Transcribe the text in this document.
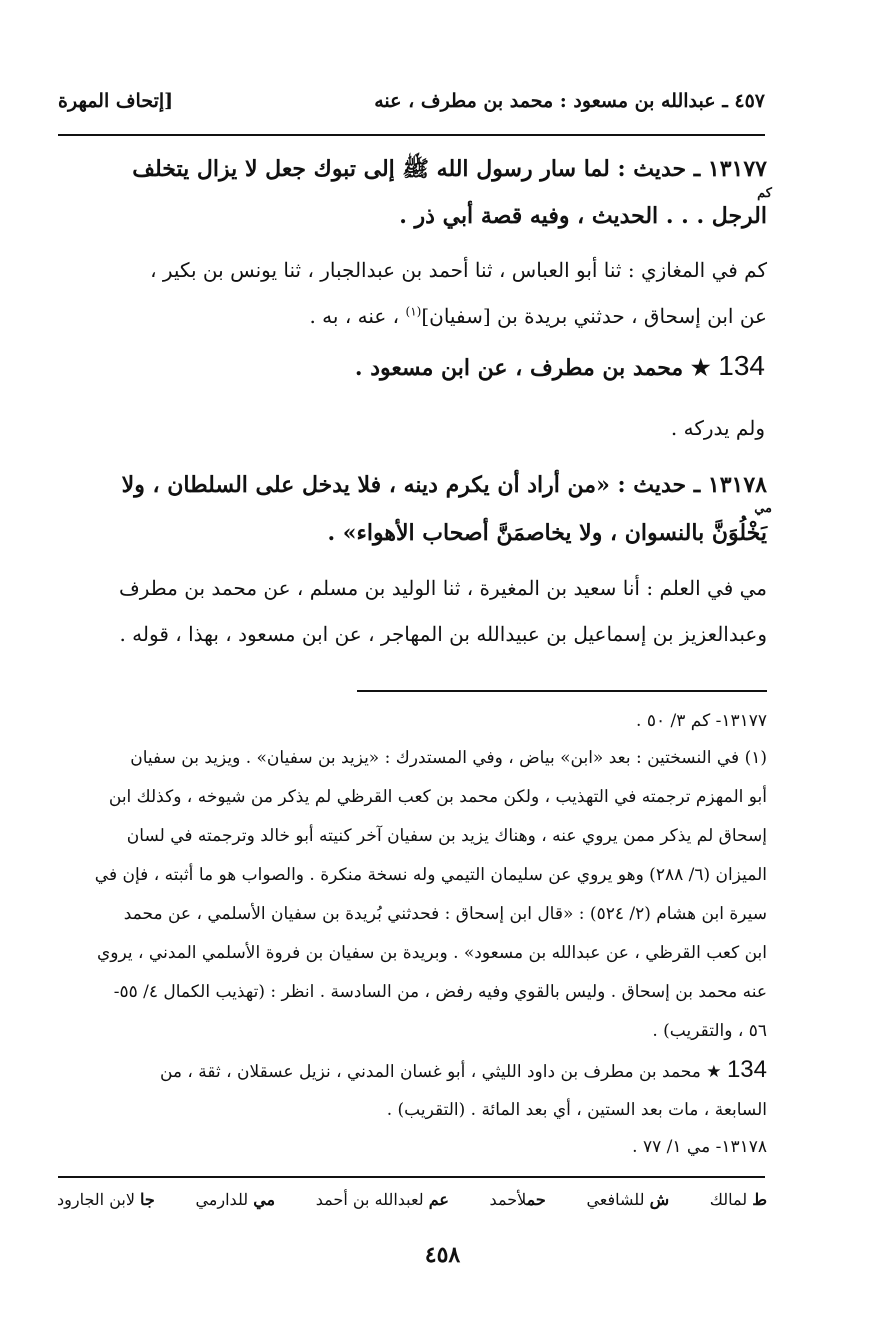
٤٥٧ ـ عبدالله بن مسعود : محمد بن مطرف ، عنه
[إتحاف المهرة
١٣١٧٧ ـ حديث : لما سار رسول الله ﷺ إلى تبوك جعل لا يزال يتخلف
كم
الرجل . . . الحديث ، وفيه قصة أبي ذر .
كم في المغازي : ثنا أبو العباس ، ثنا أحمد بن عبدالجبار ، ثنا يونس بن بكير ،
عن ابن إسحاق ، حدثني بريدة بن [سفيان]$^{(١)}$ ، عنه ، به .
134 ★ محمد بن مطرف ، عن ابن مسعود .
ولم يدركه .
١٣١٧٨ ـ حديث : «من أراد أن يكرم دينه ، فلا يدخل على السلطان ، ولا
مي
يَخْلُوَنَّ بالنسوان ، ولا يخاصمَنَّ أصحاب الأهواء» .
مي في العلم : أنا سعيد بن المغيرة ، ثنا الوليد بن مسلم ، عن محمد بن مطرف
وعبدالعزيز بن إسماعيل بن عبيدالله بن المهاجر ، عن ابن مسعود ، بهذا ، قوله .
١٣١٧٧- كم ٣/ ٥٠ .
(١) في النسختين : بعد «ابن» بياض ، وفي المستدرك : «يزيد بن سفيان» . ويزيد بن سفيان
أبو المهزم ترجمته في التهذيب ، ولكن محمد بن كعب القرظي لم يذكر من شيوخه ، وكذلك ابن
إسحاق لم يذكر ممن يروي عنه ، وهناك يزيد بن سفيان آخر كنيته أبو خالد وترجمته في لسان
الميزان (٦/ ٢٨٨) وهو يروي عن سليمان التيمي وله نسخة منكرة . والصواب هو ما أثبته ، فإن في
سيرة ابن هشام (٢/ ٥٢٤) : «قال ابن إسحاق : فحدثني بُريدة بن سفيان الأسلمي ، عن محمد
ابن كعب القرظي ، عن عبدالله بن مسعود» . وبريدة بن سفيان بن فروة الأسلمي المدني ، يروي
عنه محمد بن إسحاق . وليس بالقوي وفيه رفض ، من السادسة . انظر : (تهذيب الكمال ٤/ ٥٥-
٥٦ ، والتقريب) .
134 ★ محمد بن مطرف بن داود الليثي ، أبو غسان المدني ، نزيل عسقلان ، ثقة ، من
السابعة ، مات بعد الستين ، أي بعد المائة . (التقريب) .
١٣١٧٨- مي ١/ ٧٧ .
ط لمالك
ش للشافعي
حملأحمد
عم لعبدالله بن أحمد
مي للدارمي
جا لابن الجارود
٤٥٨
